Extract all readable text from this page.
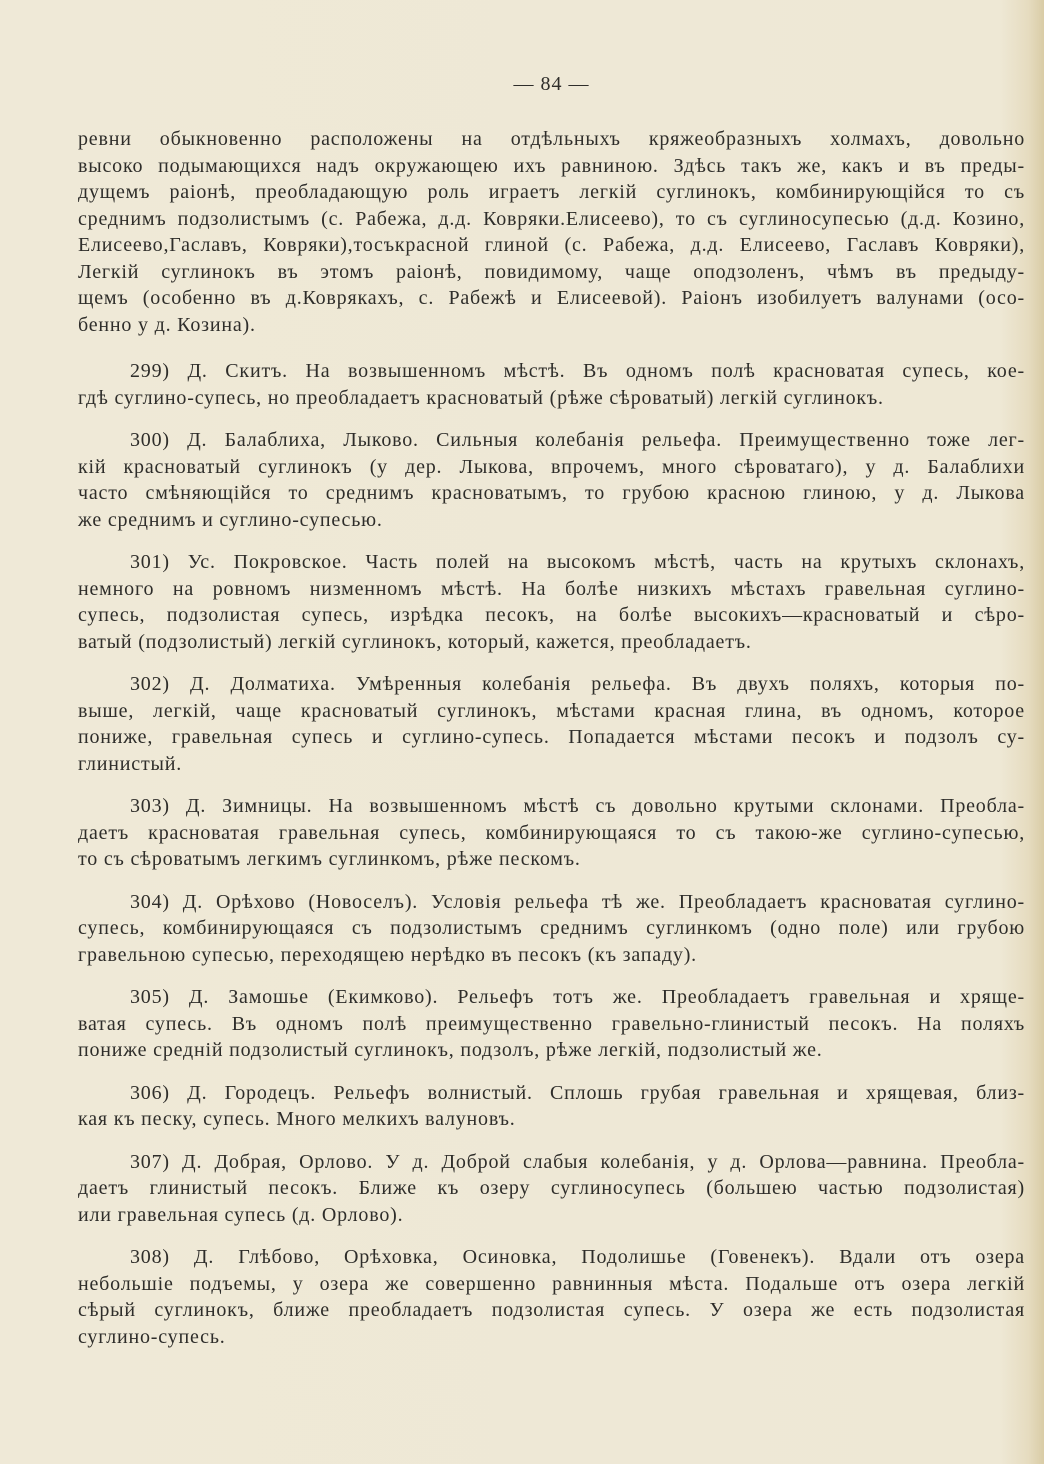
— 84 —
ревни обыкновенно расположены на отдѣльныхъ кряжеобразныхъ холмахъ, довольно
высоко подымающихся надъ окружающею ихъ равниною. Здѣсь такъ же, какъ и въ преды-
дущемъ раіонѣ, преобладающую роль играетъ легкій суглинокъ, комбинирующійся то съ
среднимъ подзолистымъ (с. Рабежа, д.д. Ковряки.Елисеево), то съ суглиносупесью (д.д. Козино,
Елисеево,Гаславъ, Ковряки),тосъкрасной глиной (с. Рабежа, д.д. Елисеево, Гаславъ Ковряки),
Легкій суглинокъ въ этомъ раіонѣ, повидимому, чаще оподзоленъ, чѣмъ въ предыду-
щемъ (особенно въ д.Коврякахъ, с. Рабежѣ и Елисеевой). Раіонъ изобилуетъ валунами (осо-
бенно у д. Козина).
299) Д. Скитъ. На возвышенномъ мѣстѣ. Въ одномъ полѣ красноватая супесь, кое-
гдѣ суглино-супесь, но преобладаетъ красноватый (рѣже сѣроватый) легкій суглинокъ.
300) Д. Балаблиха, Лыково. Сильныя колебанія рельефа. Преимущественно тоже лег-
кій красноватый суглинокъ (у дер. Лыкова, впрочемъ, много сѣроватаго), у д. Балаблихи
часто смѣняющійся то среднимъ красноватымъ, то грубою красною глиною, у д. Лыкова
же среднимъ и суглино-супесью.
301) Ус. Покровское. Часть полей на высокомъ мѣстѣ, часть на крутыхъ склонахъ,
немного на ровномъ низменномъ мѣстѣ. На болѣе низкихъ мѣстахъ гравельная суглино-
супесь, подзолистая супесь, изрѣдка песокъ, на болѣе высокихъ—красноватый и сѣро-
ватый (подзолистый) легкій суглинокъ, который, кажется, преобладаетъ.
302) Д. Долматиха. Умѣренныя колебанія рельефа. Въ двухъ поляхъ, которыя по-
выше, легкій, чаще красноватый суглинокъ, мѣстами красная глина, въ одномъ, которое
пониже, гравельная супесь и суглино-супесь. Попадается мѣстами песокъ и подзолъ су-
глинистый.
303) Д. Зимницы. На возвышенномъ мѣстѣ съ довольно крутыми склонами. Преобла-
даетъ красноватая гравельная супесь, комбинирующаяся то съ такою-же суглино-супесью,
то съ сѣроватымъ легкимъ суглинкомъ, рѣже пескомъ.
304) Д. Орѣхово (Новоселъ). Условія рельефа тѣ же. Преобладаетъ красноватая суглино-
супесь, комбинирующаяся съ подзолистымъ среднимъ суглинкомъ (одно поле) или грубою
гравельною супесью, переходящею нерѣдко въ песокъ (къ западу).
305) Д. Замошье (Екимково). Рельефъ тотъ же. Преобладаетъ гравельная и хряще-
ватая супесь. Въ одномъ полѣ преимущественно гравельно-глинистый песокъ. На поляхъ
пониже средній подзолистый суглинокъ, подзолъ, рѣже легкій, подзолистый же.
306) Д. Городецъ. Рельефъ волнистый. Сплошь грубая гравельная и хрящевая, близ-
кая къ песку, супесь. Много мелкихъ валуновъ.
307) Д. Добрая, Орлово. У д. Доброй слабыя колебанія, у д. Орлова—равнина. Преобла-
даетъ глинистый песокъ. Ближе къ озеру суглиносупесь (большею частью подзолистая)
или гравельная супесь (д. Орлово).
308) Д. Глѣбово, Орѣховка, Осиновка, Подолишье (Говенекъ). Вдали отъ озера
небольшіе подъемы, у озера же совершенно равнинныя мѣста. Подальше отъ озера легкій
сѣрый суглинокъ, ближе преобладаетъ подзолистая супесь. У озера же есть подзолистая
суглино-супесь.
